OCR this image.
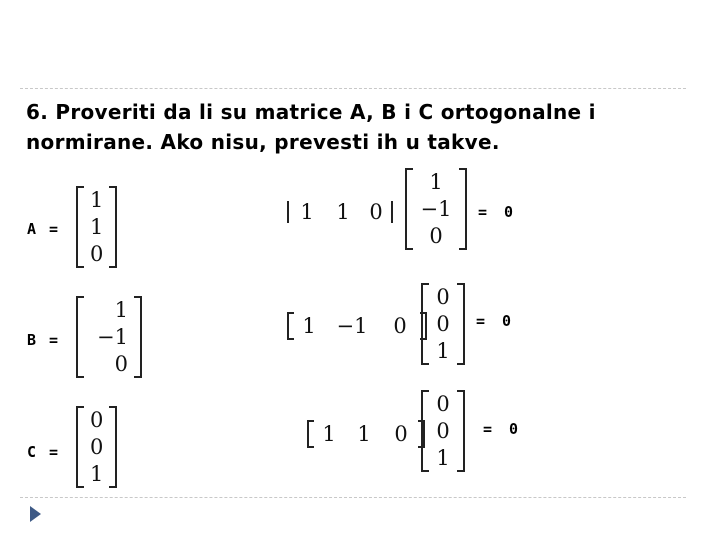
6. Proveriti da li su matrice A, B i C ortogonalne i
normirane. Ako nisu, prevesti ih u takve.
A =
1
1
0
1	1 0
1
−1
0
= 0
B =
1
−1
0
1 −1	0
0
0
1
= 0
C =
0
0
1
1	1	0
0
0
1
= 0
